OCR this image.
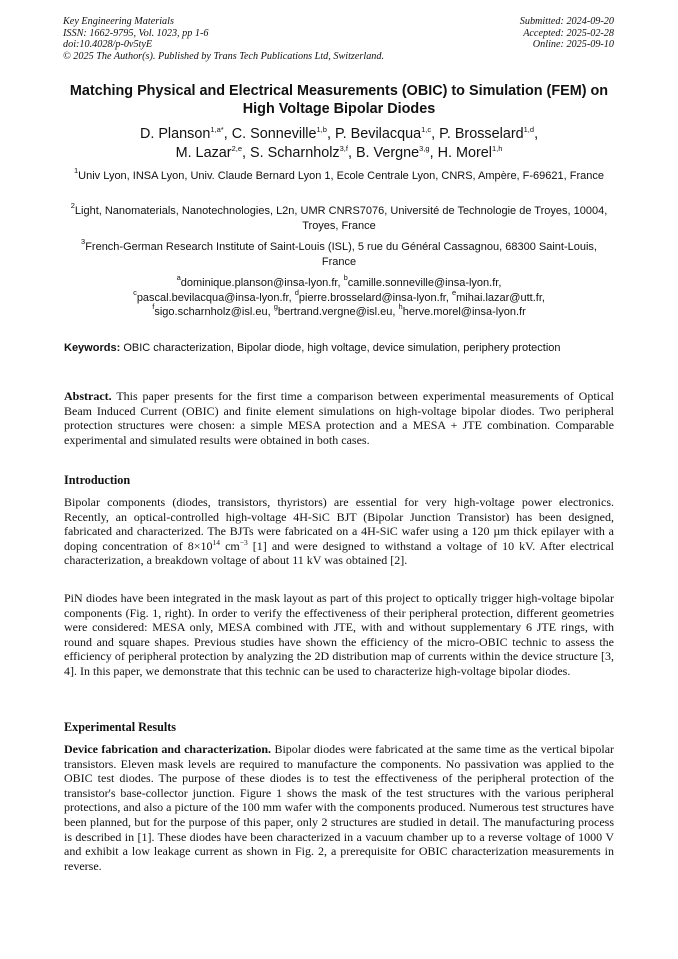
Key Engineering Materials
ISSN: 1662-9795, Vol. 1023, pp 1-6
doi:10.4028/p-0v5tyE
© 2025 The Author(s). Published by Trans Tech Publications Ltd, Switzerland.
Submitted: 2024-09-20
Accepted: 2025-02-28
Online: 2025-09-10
Matching Physical and Electrical Measurements (OBIC) to Simulation (FEM) on High Voltage Bipolar Diodes
D. Planson$^{1,a*}$, C. Sonneville$^{1,b}$, P. Bevilacqua$^{1,c}$, P. Brosselard$^{1,d}$,
M. Lazar$^{2,e}$, S. Scharnholz$^{3,f}$, B. Vergne$^{3,g}$, H. Morel$^{1,h}$
$^1$Univ Lyon, INSA Lyon, Univ. Claude Bernard Lyon 1, Ecole Centrale Lyon, CNRS, Ampère, F-69621, France
$^2$Light, Nanomaterials, Nanotechnologies, L2n, UMR CNRS7076, Université de Technologie de Troyes, 10004, Troyes, France
$^3$French-German Research Institute of Saint-Louis (ISL), 5 rue du Général Cassagnou, 68300 Saint-Louis, France
$^a$dominique.planson@insa-lyon.fr, $^b$camille.sonneville@insa-lyon.fr,
$^c$pascal.bevilacqua@insa-lyon.fr, $^d$pierre.brosselard@insa-lyon.fr, $^e$mihai.lazar@utt.fr,
$^f$sigo.scharnholz@isl.eu, $^g$bertrand.vergne@isl.eu, $^h$herve.morel@insa-lyon.fr
Keywords: OBIC characterization, Bipolar diode, high voltage, device simulation, periphery protection
Abstract. This paper presents for the first time a comparison between experimental measurements of Optical Beam Induced Current (OBIC) and finite element simulations on high-voltage bipolar diodes. Two peripheral protection structures were chosen: a simple MESA protection and a MESA + JTE combination. Comparable experimental and simulated results were obtained in both cases.
Introduction
Bipolar components (diodes, transistors, thyristors) are essential for very high-voltage power electronics. Recently, an optical-controlled high-voltage 4H-SiC BJT (Bipolar Junction Transistor) has been designed, fabricated and characterized. The BJTs were fabricated on a 4H-SiC wafer using a 120 µm thick epilayer with a doping concentration of $8\times 10^{14}$ $cm^{-3}$ [1] and were designed to withstand a voltage of 10 kV. After electrical characterization, a breakdown voltage of about 11 kV was obtained [2].
PiN diodes have been integrated in the mask layout as part of this project to optically trigger high-voltage bipolar components (Fig. 1, right). In order to verify the effectiveness of their peripheral protection, different geometries were considered: MESA only, MESA combined with JTE, with and without supplementary 6 JTE rings, with round and square shapes. Previous studies have shown the efficiency of the micro-OBIC technic to assess the efficiency of peripheral protection by analyzing the 2D distribution map of currents within the device structure [3, 4]. In this paper, we demonstrate that this technic can be used to characterize high-voltage bipolar diodes.
Experimental Results
Device fabrication and characterization. Bipolar diodes were fabricated at the same time as the vertical bipolar transistors. Eleven mask levels are required to manufacture the components. No passivation was applied to the OBIC test diodes. The purpose of these diodes is to test the effectiveness of the peripheral protection of the transistor's base-collector junction. Figure 1 shows the mask of the test structures with the various peripheral protections, and also a picture of the 100 mm wafer with the components produced. Numerous test structures have been planned, but for the purpose of this paper, only 2 structures are studied in detail. The manufacturing process is described in [1]. These diodes have been characterized in a vacuum chamber up to a reverse voltage of 1000 V and exhibit a low leakage current as shown in Fig. 2, a prerequisite for OBIC characterization measurements in reverse.
